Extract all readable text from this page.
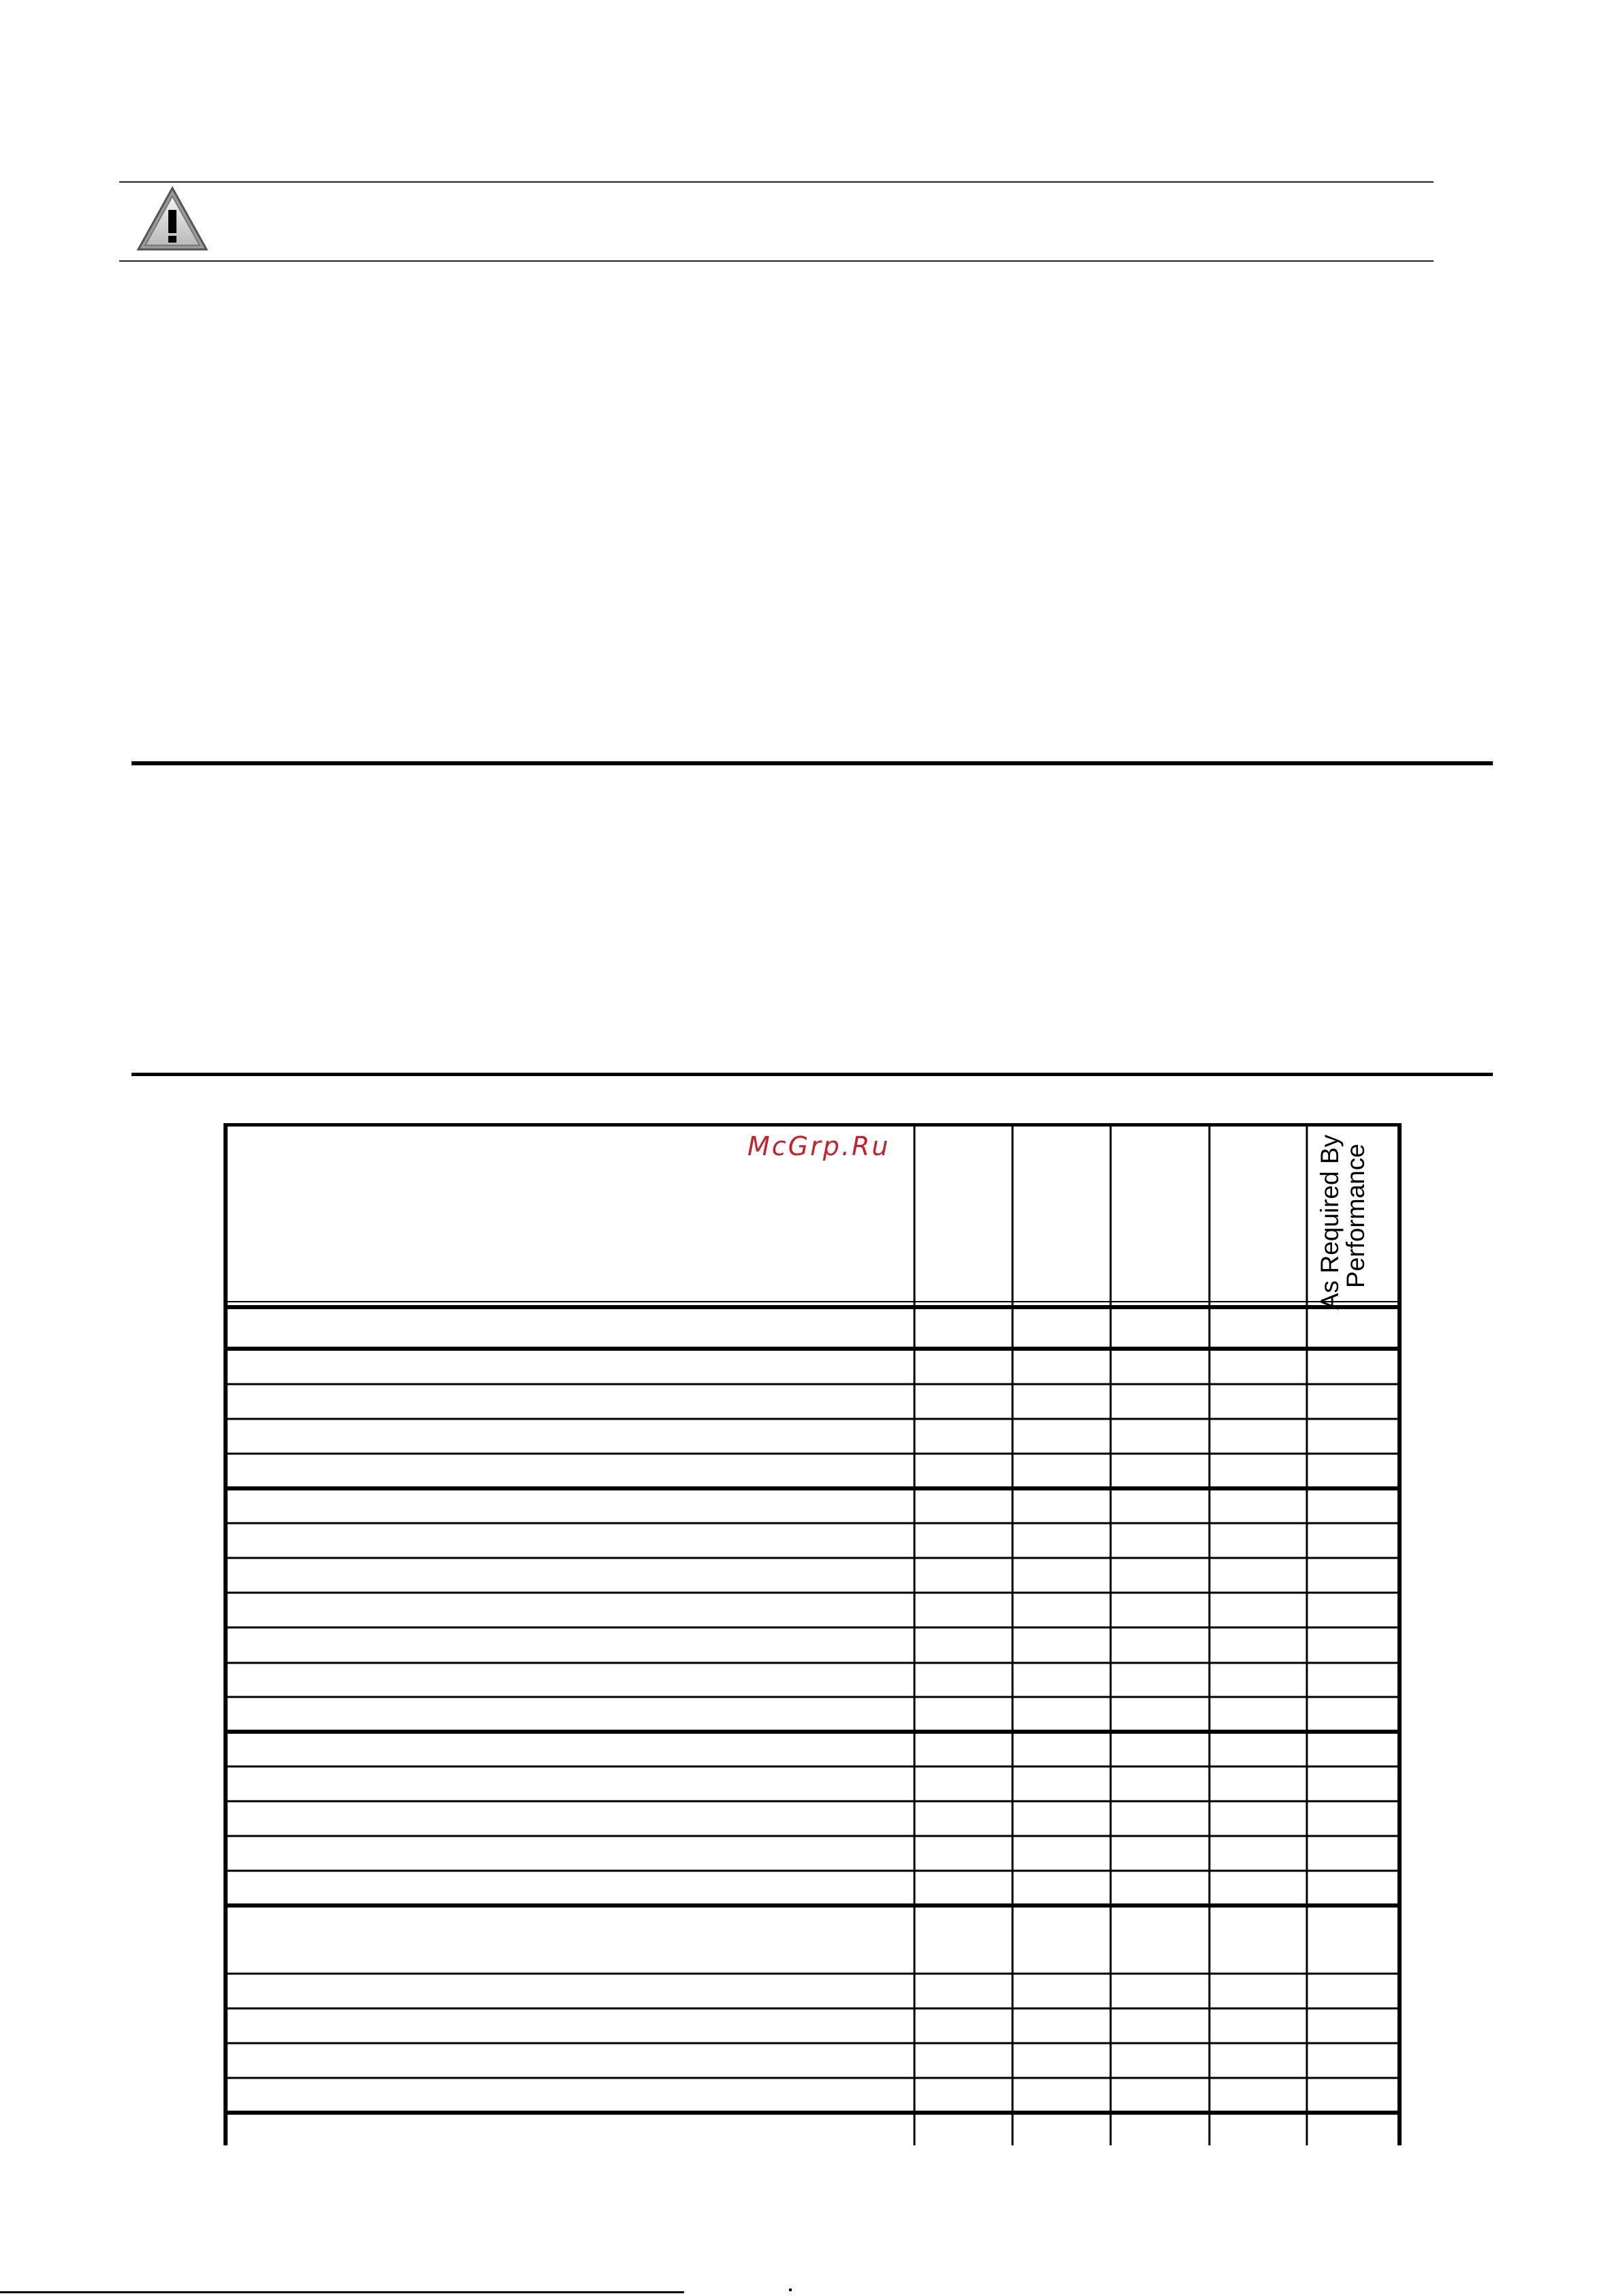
McGrp.Ru	As Required By
Performance
